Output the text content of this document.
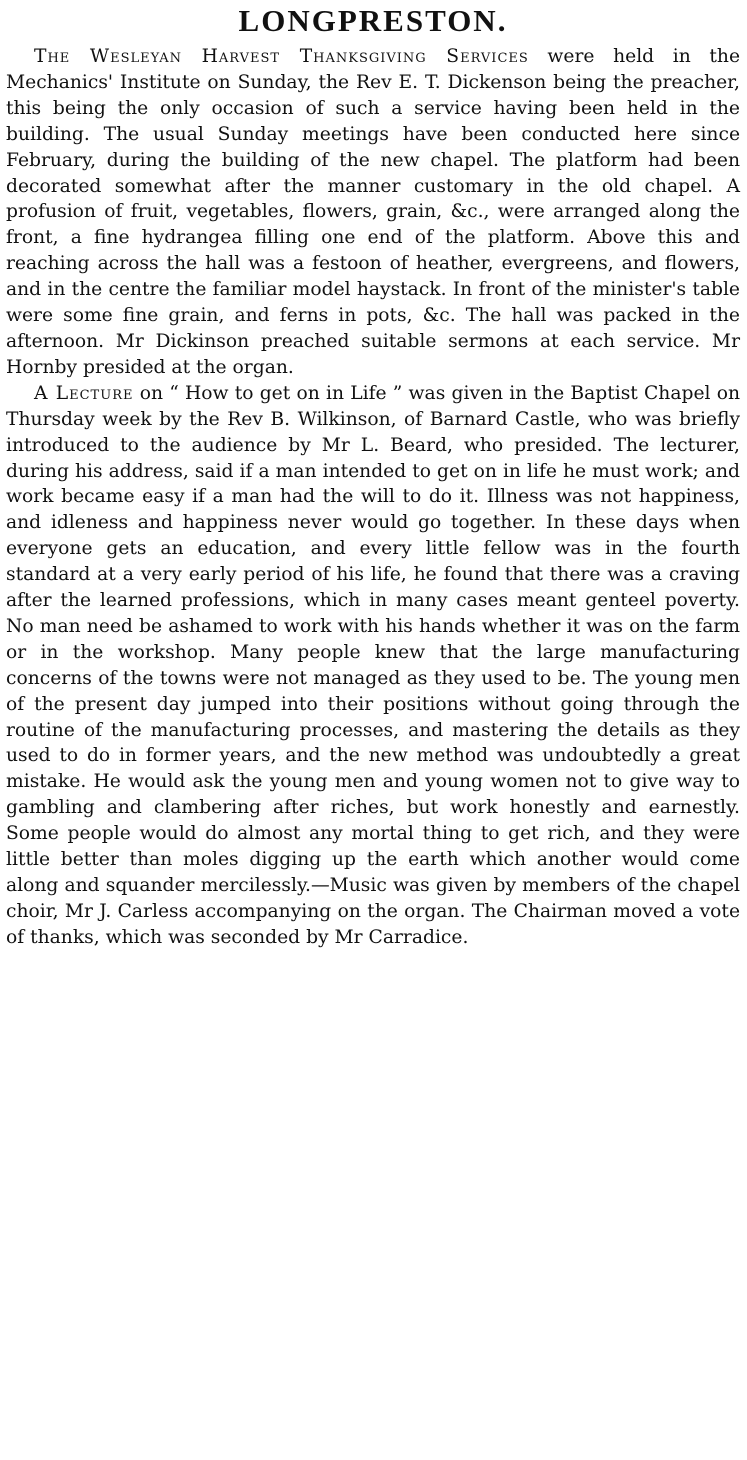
LONGPRESTON.

The Wesleyan Harvest Thanksgiving Services were held in the Mechanics' Institute on Sunday, the Rev E. T. Dickenson being the preacher, this being the only occasion of such a service having been held in the building. The usual Sunday meetings have been conducted here since February, during the building of the new chapel. The platform had been decorated somewhat after the manner customary in the old chapel. A profusion of fruit, vegetables, flowers, grain, &c., were arranged along the front, a fine hydrangea filling one end of the platform. Above this and reaching across the hall was a festoon of heather, evergreens, and flowers, and in the centre the familiar model haystack. In front of the minister's table were some fine grain, and ferns in pots, &c. The hall was packed in the afternoon. Mr Dickinson preached suitable sermons at each service. Mr Hornby presided at the organ.

A Lecture on “ How to get on in Life ” was given in the Baptist Chapel on Thursday week by the Rev B. Wilkinson, of Barnard Castle, who was briefly introduced to the audience by Mr L. Beard, who presided. The lecturer, during his address, said if a man intended to get on in life he must work; and work became easy if a man had the will to do it. Illness was not happiness, and idleness and happiness never would go together. In these days when everyone gets an education, and every little fellow was in the fourth standard at a very early period of his life, he found that there was a craving after the learned professions, which in many cases meant genteel poverty. No man need be ashamed to work with his hands whether it was on the farm or in the workshop. Many people knew that the large manufacturing concerns of the towns were not managed as they used to be. The young men of the present day jumped into their positions without going through the routine of the manufacturing processes, and mastering the details as they used to do in former years, and the new method was undoubtedly a great mistake. He would ask the young men and young women not to give way to gambling and clambering after riches, but work honestly and earnestly. Some people would do almost any mortal thing to get rich, and they were little better than moles digging up the earth which another would come along and squander mercilessly.—Music was given by members of the chapel choir, Mr J. Carless accompanying on the organ. The Chairman moved a vote of thanks, which was seconded by Mr Carradice.
